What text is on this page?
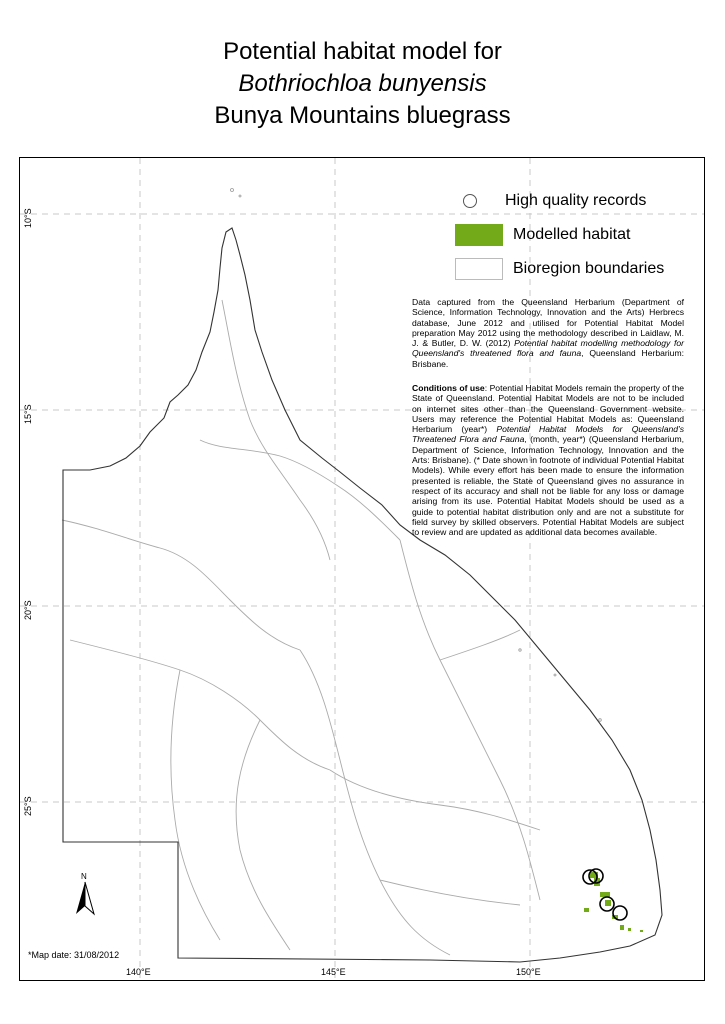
Potential habitat model for
Bothriochloa bunyensis
Bunya Mountains bluegrass
10°S
15°S
20°S
25°S
140°E	145°E	150°E
High quality records
Modelled habitat
Bioregion boundaries
Data captured from the Queensland Herbarium (Department of Science, Information Technology, Innovation and the Arts) Herbrecs database, June 2012 and utilised for Potential Habitat Model preparation May 2012 using the methodology described in Laidlaw, M. J. & Butler, D. W. (2012) Potential habitat modelling methodology for Queensland's threatened flora and fauna, Queensland Herbarium: Brisbane.
Conditions of use: Potential Habitat Models remain the property of the State of Queensland. Potential Habitat Models are not to be included on internet sites other than the Queensland Government website. Users may reference the Potential Habitat Models as: Queensland Herbarium (year*) Potential Habitat Models for Queensland's Threatened Flora and Fauna, (month, year*) (Queensland Herbarium, Department of Science, Information Technology, Innovation and the Arts: Brisbane). (* Date shown in footnote of individual Potential Habitat Models). While every effort has been made to ensure the information presented is reliable, the State of Queensland gives no assurance in respect of its accuracy and shall not be liable for any loss or damage arising from its use. Potential Habitat Models should be used as a guide to potential habitat distribution only and are not a substitute for field survey by skilled observers. Potential Habitat Models are subject to review and are updated as additional data becomes available.
N
*Map date: 31/08/2012
